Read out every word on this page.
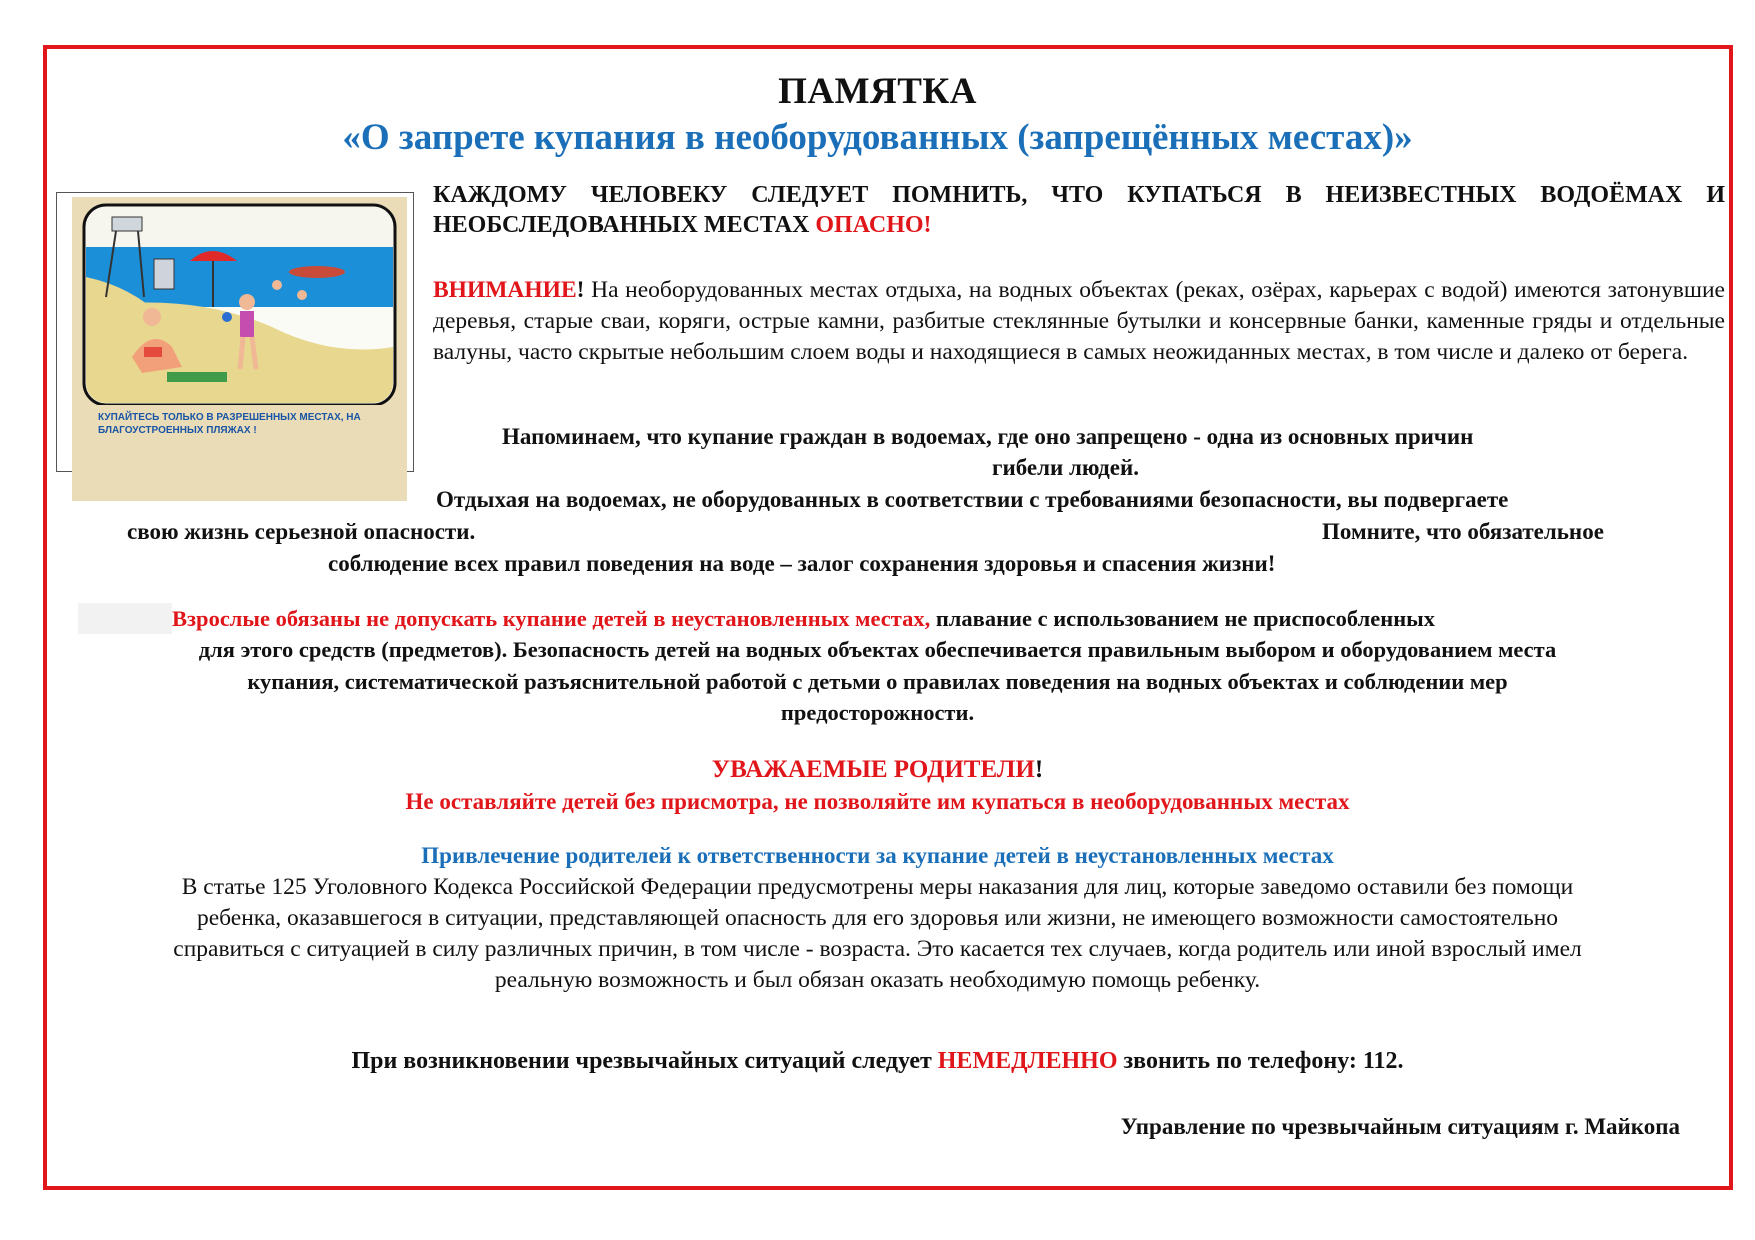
ПАМЯТКА
«О запрете купания в необорудованных (запрещённых местах)»
КУПАЙТЕСЬ ТОЛЬКО В РАЗРЕШЕННЫХ МЕСТАХ, НА БЛАГОУСТРОЕННЫХ ПЛЯЖАХ !
КАЖДОМУ ЧЕЛОВЕКУ СЛЕДУЕТ ПОМНИТЬ, ЧТО КУПАТЬСЯ В НЕИЗВЕСТНЫХ ВОДОЁМАХ И НЕОБСЛЕДОВАННЫХ МЕСТАХ ОПАСНО!
ВНИМАНИЕ! На необорудованных местах отдыха, на водных объектах (реках, озёрах, карьерах с водой) имеются затонувшие деревья, старые сваи, коряги, острые камни, разбитые стеклянные бутылки и консервные банки, каменные гряды и отдельные валуны, часто скрытые небольшим слоем воды и находящиеся в самых неожиданных местах, в том числе и далеко от берега.
Напоминаем, что купание граждан в водоемах, где оно запрещено - одна из основных причин
гибели людей.
Отдыхая на водоемах, не оборудованных в соответствии с требованиями безопасности, вы подвергаете
свою жизнь серьезной опасности.	Помните, что обязательное
соблюдение всех правил поведения на воде – залог сохранения здоровья и спасения жизни!
Взрослые обязаны не допускать купание детей в неустановленных местах, плавание с использованием не приспособленных
для этого средств (предметов). Безопасность детей на водных объектах обеспечивается правильным выбором и оборудованием места
купания, систематической разъяснительной работой с детьми о правилах поведения на водных объектах и соблюдении мер
предосторожности.
УВАЖАЕМЫЕ РОДИТЕЛИ!
Не оставляйте детей без присмотра, не позволяйте им купаться в необорудованных местах
Привлечение родителей к ответственности за купание детей в неустановленных местах
В статье 125 Уголовного Кодекса Российской Федерации предусмотрены меры наказания для лиц, которые заведомо оставили без помощи
ребенка, оказавшегося в ситуации, представляющей опасность для его здоровья или жизни, не имеющего возможности самостоятельно
справиться с ситуацией в силу различных причин, в том числе - возраста. Это касается тех случаев, когда родитель или иной взрослый имел
реальную возможность и был обязан оказать необходимую помощь ребенку.
При возникновении чрезвычайных ситуаций следует НЕМЕДЛЕННО звонить по телефону: 112.
Управление по чрезвычайным ситуациям г. Майкопа
